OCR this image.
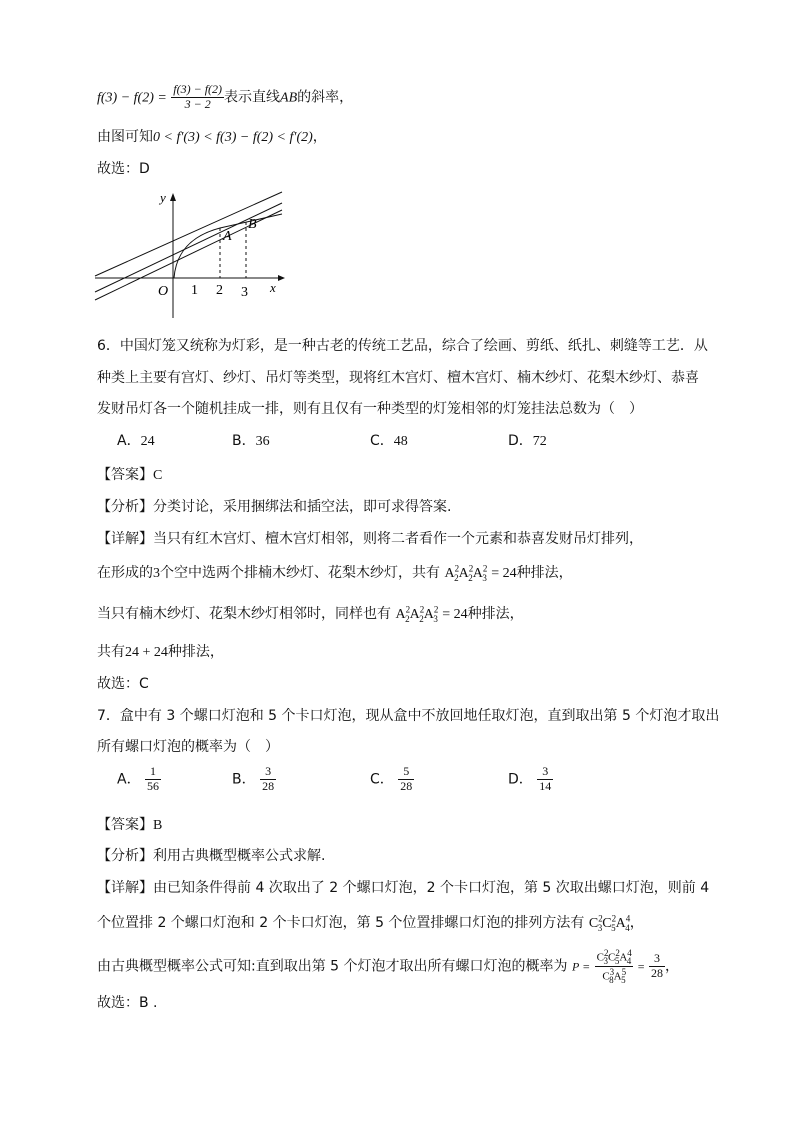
$f(3) - f(2) = \frac{f(3) - f(2)}{3 - 2}$ 表示直线AB的斜率，
由图可知0 < f′(3) < f(3) − f(2) < f′(2)，
故选：D
y
x
O 1 2 3
A
B
6．中国灯笼又统称为灯彩，是一种古老的传统工艺品，综合了绘画、剪纸、纸扎、刺缝等工艺．从
种类上主要有宫灯、纱灯、吊灯等类型，现将红木宫灯、檀木宫灯、楠木纱灯、花梨木纱灯、恭喜
发财吊灯各一个随机挂成一排，则有且仅有一种类型的灯笼相邻的灯笼挂法总数为（　）
A．24	B．36	C．48	D．72
【答案】C
【分析】分类讨论，采用捆绑法和插空法，即可求得答案.
【详解】当只有红木宫灯、檀木宫灯相邻，则将二者看作一个元素和恭喜发财吊灯排列，
在形成的3个空中选两个排楠木纱灯、花梨木纱灯，共有 $A^2_2A^2_2A^2_3 = 24$种排法，
当只有楠木纱灯、花梨木纱灯相邻时，同样也有 $A^2_2A^2_2A^2_3 = 24$种排法，
共有24 + 24种排法，
故选：C
7．盒中有 3 个螺口灯泡和 5 个卡口灯泡，现从盒中不放回地任取灯泡，直到取出第 5 个灯泡才取出
所有螺口灯泡的概率为（　）
A． $\frac{1}{56}$	B． $\frac{3}{28}$	C． $\frac{5}{28}$	D． $\frac{3}{14}$
【答案】B
【分析】利用古典概型概率公式求解.
【详解】由已知条件得前 4 次取出了 2 个螺口灯泡，2 个卡口灯泡，第 5 次取出螺口灯泡，则前 4
个位置排 2 个螺口灯泡和 2 个卡口灯泡，第 5 个位置排螺口灯泡的排列方法有 $C^2_3C^2_5A^4_4$，
由古典概型概率公式可知:直到取出第 5 个灯泡才取出所有螺口灯泡的概率为 $P = \frac{C^2_3C^2_5A^4_4}{C^3_8A^5_5} = \frac{3}{28}$ ，
故选：B .
